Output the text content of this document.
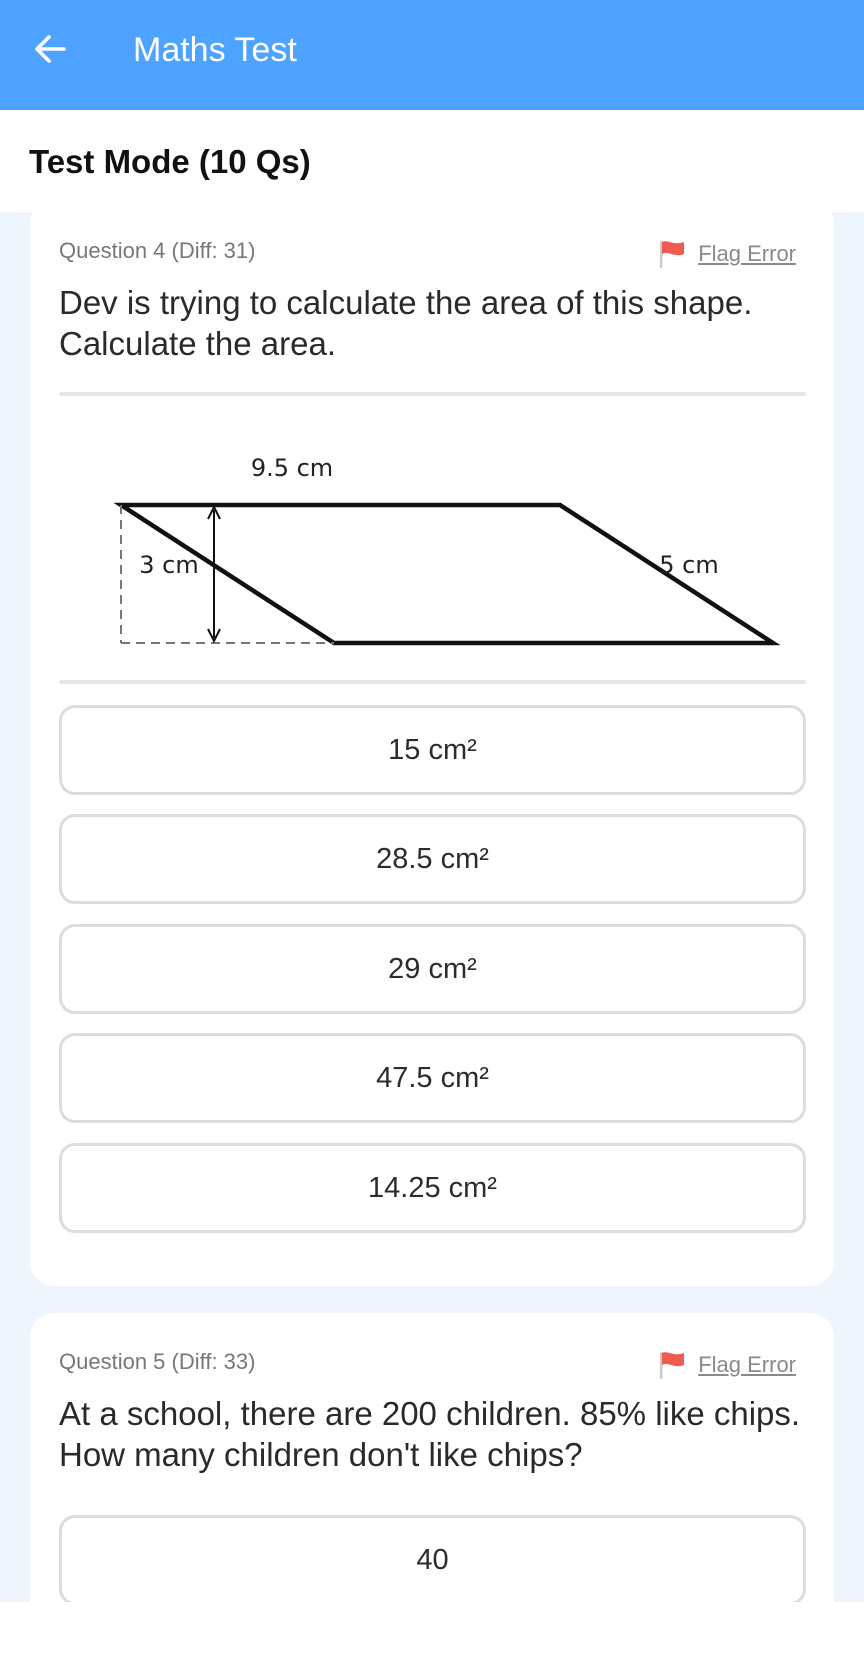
Maths Test
Test Mode (10 Qs)
Question 4 (Diff: 31)	Flag Error
Dev is trying to calculate the area of this shape. Calculate the area.
9.5 cm
3 cm	5 cm
15 cm²
28.5 cm²
29 cm²
47.5 cm²
14.25 cm²
Question 5 (Diff: 33)	Flag Error
At a school, there are 200 children. 85% like chips. How many children don't like chips?
40
